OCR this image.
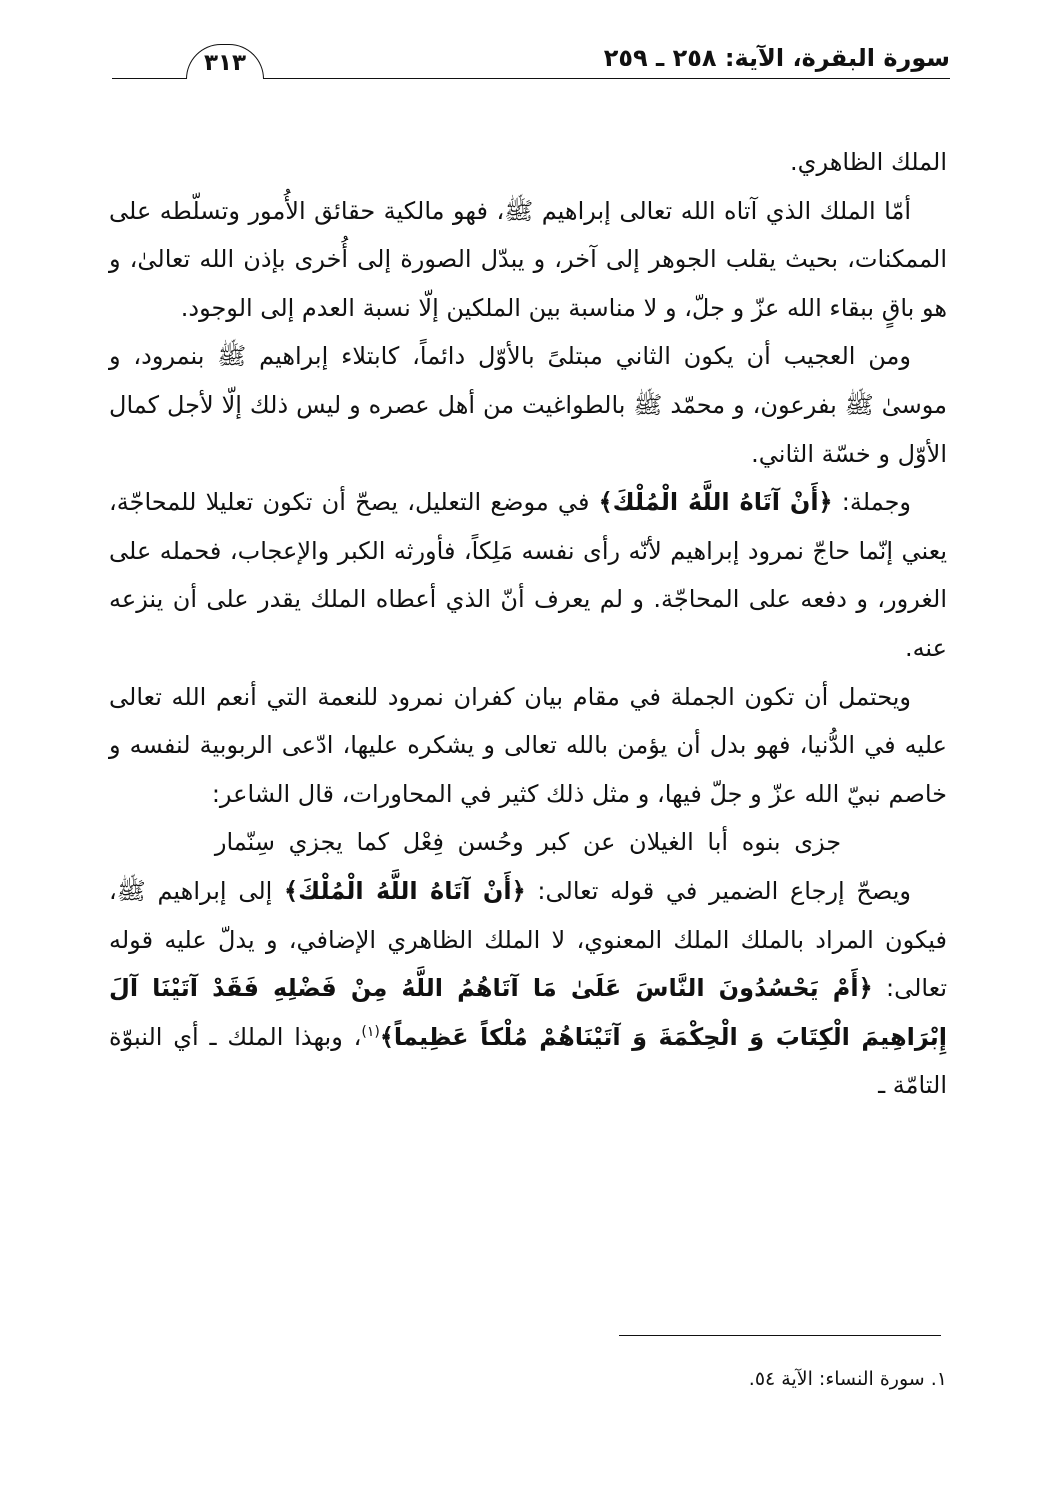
سورة البقرة، الآية: ٢٥٨ ـ ٢٥٩
٣١٣

الملك الظاهري.

أمّا الملك الذي آتاه الله تعالى إبراهيم ﷺ، فهو مالكية حقائق الأُمور وتسلّطه على الممكنات، بحيث يقلب الجوهر إلى آخر، و يبدّل الصورة إلى أُخرى بإذن الله تعالىٰ، و هو باقٍ ببقاء الله عزّ و جلّ، و لا مناسبة بين الملكين إلّا نسبة العدم إلى الوجود.

ومن العجيب أن يكون الثاني مبتلىً بالأوّل دائماً، كابتلاء إبراهيم ﷺ بنمرود، و موسىٰ ﷺ بفرعون، و محمّد ﷺ بالطواغيت من أهل عصره و ليس ذلك إلّا لأجل كمال الأوّل و خسّة الثاني.

وجملة: ﴿أَنْ آتَاهُ اللَّهُ الْمُلْكَ﴾ في موضع التعليل، يصحّ أن تكون تعليلا للمحاجّة، يعني إنّما حاجّ نمرود إبراهيم لأنّه رأى نفسه مَلِكاً، فأورثه الكبر والإعجاب، فحمله على الغرور، و دفعه على المحاجّة. و لم يعرف أنّ الذي أعطاه الملك يقدر على أن ينزعه عنه.

ويحتمل أن تكون الجملة في مقام بيان كفران نمرود للنعمة التي أنعم الله تعالى عليه في الدُّنيا، فهو بدل أن يؤمن بالله تعالى و يشكره عليها، ادّعى الربوبية لنفسه و خاصم نبيّ الله عزّ و جلّ فيها، و مثل ذلك كثير في المحاورات، قال الشاعر:

جزى بنوه أبا الغيلان عن كبر وحُسن فِعْل كما يجزي سِنّمار

ويصحّ إرجاع الضمير في قوله تعالى: ﴿أَنْ آتَاهُ اللَّهُ الْمُلْكَ﴾ إلى إبراهيم ﷺ، فيكون المراد بالملك الملك المعنوي، لا الملك الظاهري الإضافي، و يدلّ عليه قوله تعالى: ﴿أَمْ يَحْسُدُونَ النَّاسَ عَلَىٰ مَا آتَاهُمُ اللَّهُ مِنْ فَضْلِهِ فَقَدْ آتَيْنَا آلَ إِبْرَاهِيمَ الْكِتَابَ وَ الْحِكْمَةَ وَ آتَيْنَاهُمْ مُلْكاً عَظِيماً﴾$^{(١)}$، وبهذا الملك ـ أي النبوّة التامّة ـ

١. سورة النساء: الآية ٥٤.
